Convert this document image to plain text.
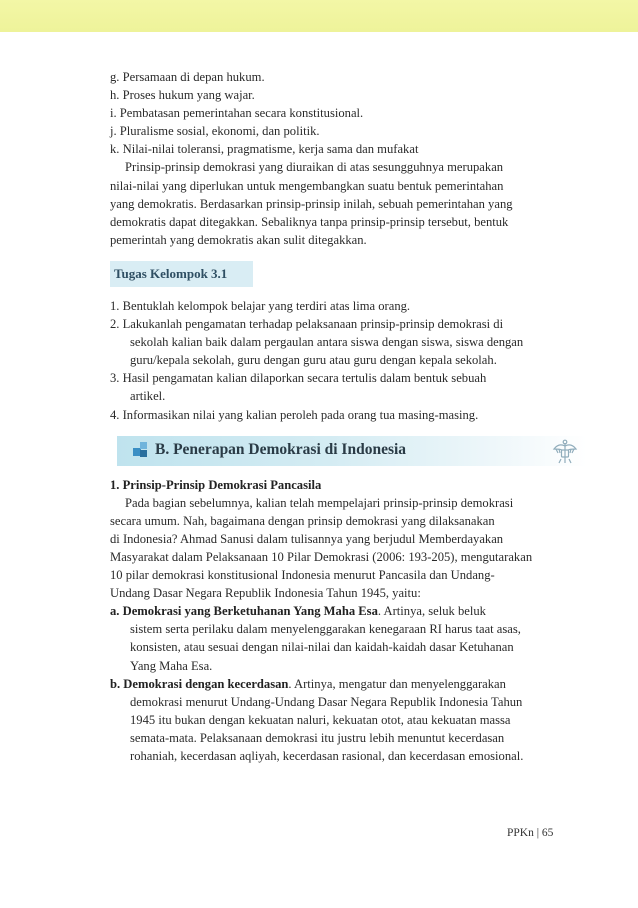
g. Persamaan di depan hukum.
h. Proses hukum yang wajar.
i. Pembatasan pemerintahan secara konstitusional.
j. Pluralisme sosial, ekonomi, dan politik.
k. Nilai-nilai toleransi, pragmatisme, kerja sama dan mufakat
Prinsip-prinsip demokrasi yang diuraikan di atas sesungguhnya merupakan
nilai-nilai yang diperlukan untuk mengembangkan suatu bentuk pemerintahan
yang demokratis. Berdasarkan prinsip-prinsip inilah, sebuah pemerintahan yang
demokratis dapat ditegakkan. Sebaliknya tanpa prinsip-prinsip tersebut, bentuk
pemerintah yang demokratis akan sulit ditegakkan.
Tugas Kelompok 3.1
1. Bentuklah kelompok belajar yang terdiri atas lima orang.
2. Lakukanlah pengamatan terhadap pelaksanaan prinsip-prinsip demokrasi di
sekolah kalian baik dalam pergaulan antara siswa dengan siswa, siswa dengan
guru/kepala sekolah, guru dengan guru atau guru dengan kepala sekolah.
3. Hasil pengamatan kalian dilaporkan secara tertulis dalam bentuk sebuah
artikel.
4. Informasikan nilai yang kalian peroleh pada orang tua masing-masing.
B. Penerapan Demokrasi di Indonesia
1. Prinsip-Prinsip Demokrasi Pancasila
Pada bagian sebelumnya, kalian telah mempelajari prinsip-prinsip demokrasi
secara umum. Nah, bagaimana dengan prinsip demokrasi yang dilaksanakan
di Indonesia? Ahmad Sanusi dalam tulisannya yang berjudul Memberdayakan
Masyarakat dalam Pelaksanaan 10 Pilar Demokrasi (2006: 193-205), mengutarakan
10 pilar demokrasi konstitusional Indonesia menurut Pancasila dan Undang-
Undang Dasar Negara Republik Indonesia Tahun 1945, yaitu:
a. Demokrasi yang Berketuhanan Yang Maha Esa. Artinya, seluk beluk
sistem serta perilaku dalam menyelenggarakan kenegaraan RI harus taat asas,
konsisten, atau sesuai dengan nilai-nilai dan kaidah-kaidah dasar Ketuhanan
Yang Maha Esa.
b. Demokrasi dengan kecerdasan. Artinya, mengatur dan menyelenggarakan
demokrasi menurut Undang-Undang Dasar Negara Republik Indonesia Tahun
1945 itu bukan dengan kekuatan naluri, kekuatan otot, atau kekuatan massa
semata-mata. Pelaksanaan demokrasi itu justru lebih menuntut kecerdasan
rohaniah, kecerdasan aqliyah, kecerdasan rasional, dan kecerdasan emosional.
PPKn | 65
